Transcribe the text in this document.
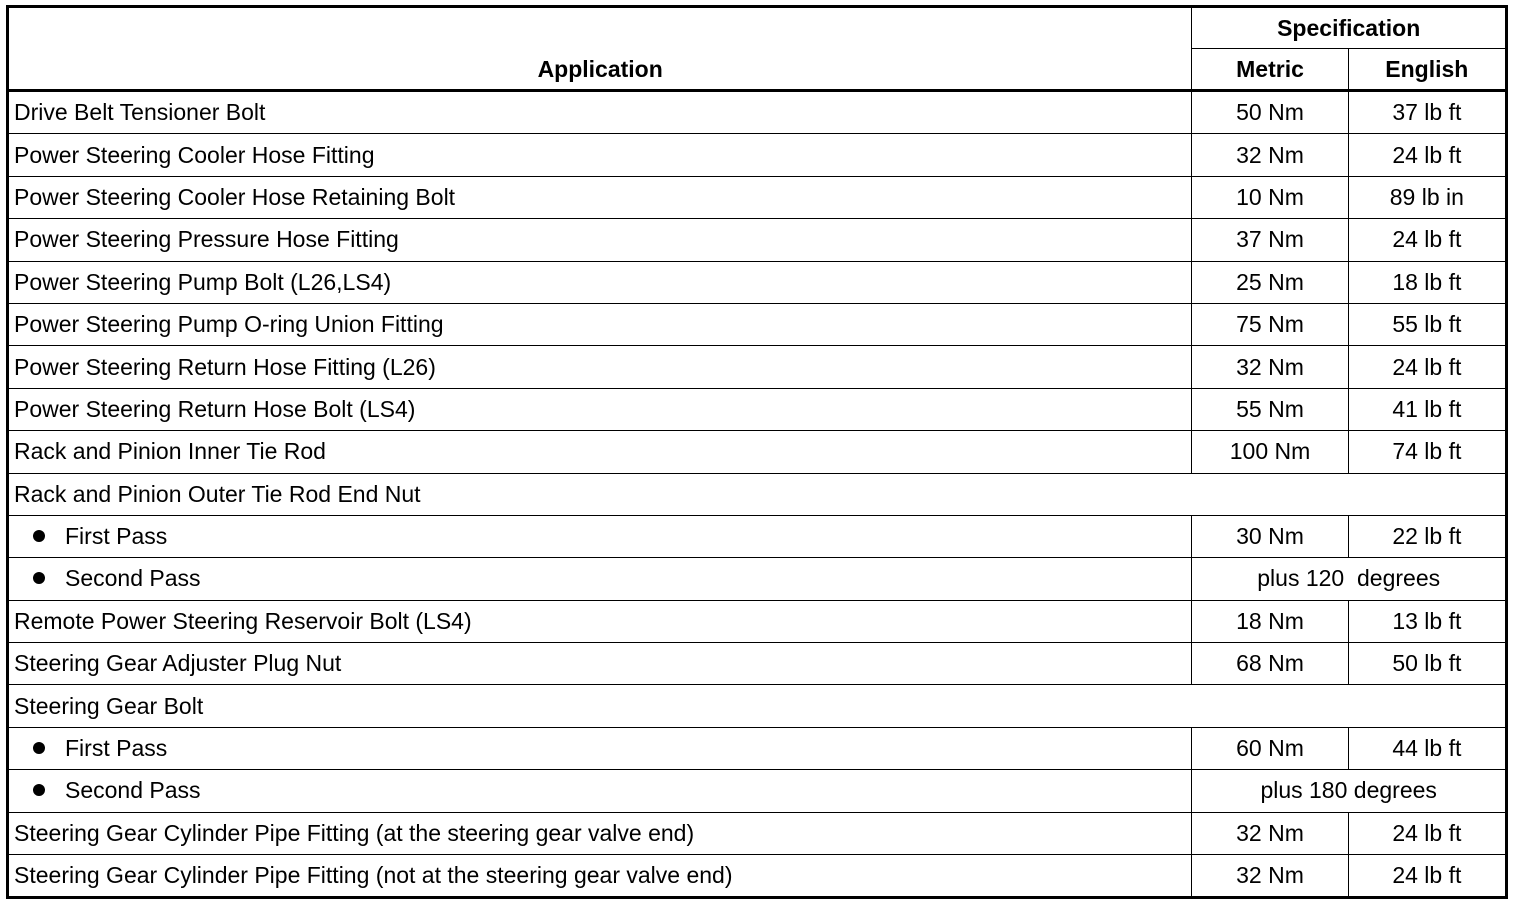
Application	Specification	
	Metric	English
Drive Belt Tensioner Bolt	50 Nm	37 lb ft
Power Steering Cooler Hose Fitting	32 Nm	24 lb ft
Power Steering Cooler Hose Retaining Bolt	10 Nm	89 lb in
Power Steering Pressure Hose Fitting	37 Nm	24 lb ft
Power Steering Pump Bolt (L26,LS4)	25 Nm	18 lb ft
Power Steering Pump O-ring Union Fitting	75 Nm	55 lb ft
Power Steering Return Hose Fitting (L26)	32 Nm	24 lb ft
Power Steering Return Hose Bolt (LS4)	55 Nm	41 lb ft
Rack and Pinion Inner Tie Rod	100 Nm	74 lb ft
Rack and Pinion Outer Tie Rod End Nut		
First Pass	30 Nm	22 lb ft
Second Pass	plus 120  degrees	
Remote Power Steering Reservoir Bolt (LS4)	18 Nm	13 lb ft
Steering Gear Adjuster Plug Nut	68 Nm	50 lb ft
Steering Gear Bolt		
First Pass	60 Nm	44 lb ft
Second Pass	plus 180 degrees	
Steering Gear Cylinder Pipe Fitting (at the steering gear valve end)	32 Nm	24 lb ft
Steering Gear Cylinder Pipe Fitting (not at the steering gear valve end)	32 Nm	24 lb ft
